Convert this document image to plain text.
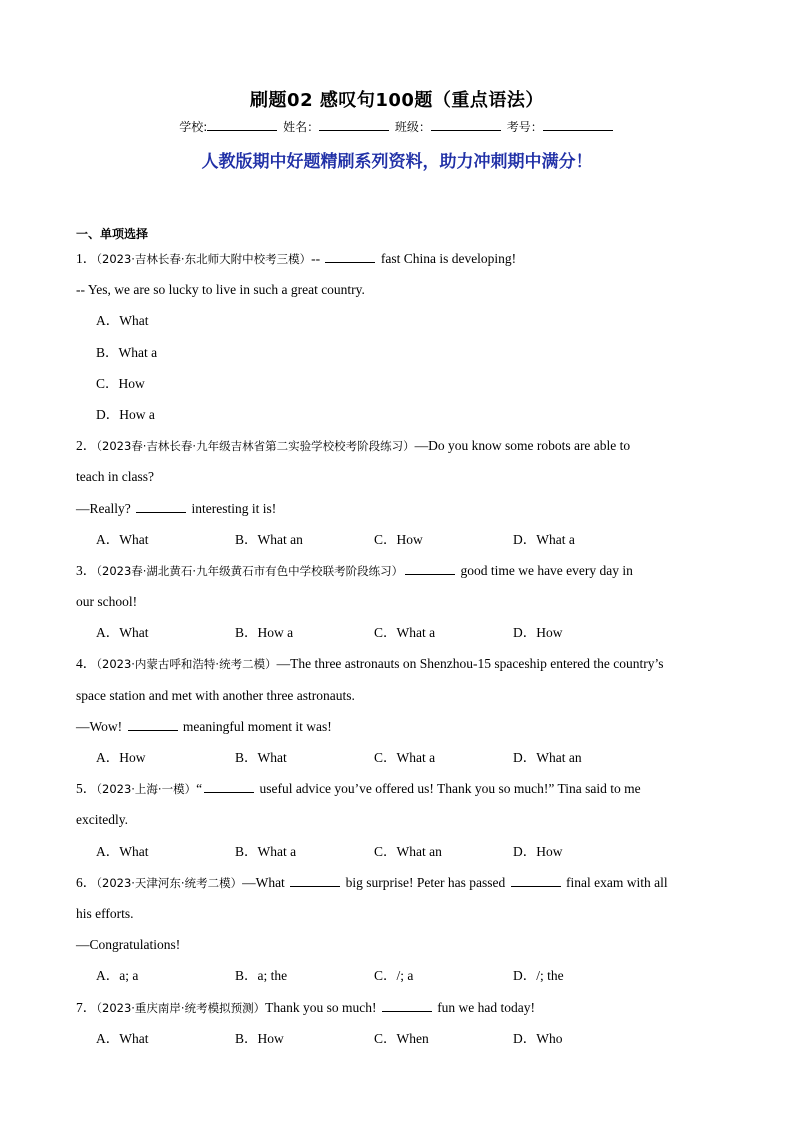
刷题02 感叹句100题（重点语法）
学校:	姓名：	班级：	考号：
人教版期中好题精刷系列资料，助力冲刺期中满分！
一、单项选择
1．（2023·吉林长春·东北师大附中校考三模）--	fast China is developing!
-- Yes, we are so lucky to live in such a great country.
A．What
B．What a
C．How
D．How a
2．（2023春·吉林长春·九年级吉林省第二实验学校校考阶段练习）—Do you know some robots are able to
teach in class?
—Really?	interesting it is!
A．What	B．What an	C．How	D．What a
3．（2023春·湖北黄石·九年级黄石市有色中学校联考阶段练习）	good time we have every day in
our school!
A．What	B．How a	C．What a	D．How
4．（2023·内蒙古呼和浩特·统考二模）—The three astronauts on Shenzhou-15 spaceship entered the country’s
space station and met with another three astronauts.
—Wow!	meaningful moment it was!
A．How	B．What	C．What a	D．What an
5．（2023·上海·一模）“	useful advice you’ve offered us! Thank you so much!” Tina said to me
excitedly.
A．What	B．What a	C．What an	D．How
6．（2023·天津河东·统考二模）—What	big surprise! Peter has passed	final exam with all
his efforts.
—Congratulations!
A．a; a	B．a; the	C．/; a	D．/; the
7．（2023·重庆南岸·统考模拟预测）Thank you so much!	fun we had today!
A．What	B．How	C．When	D．Who
